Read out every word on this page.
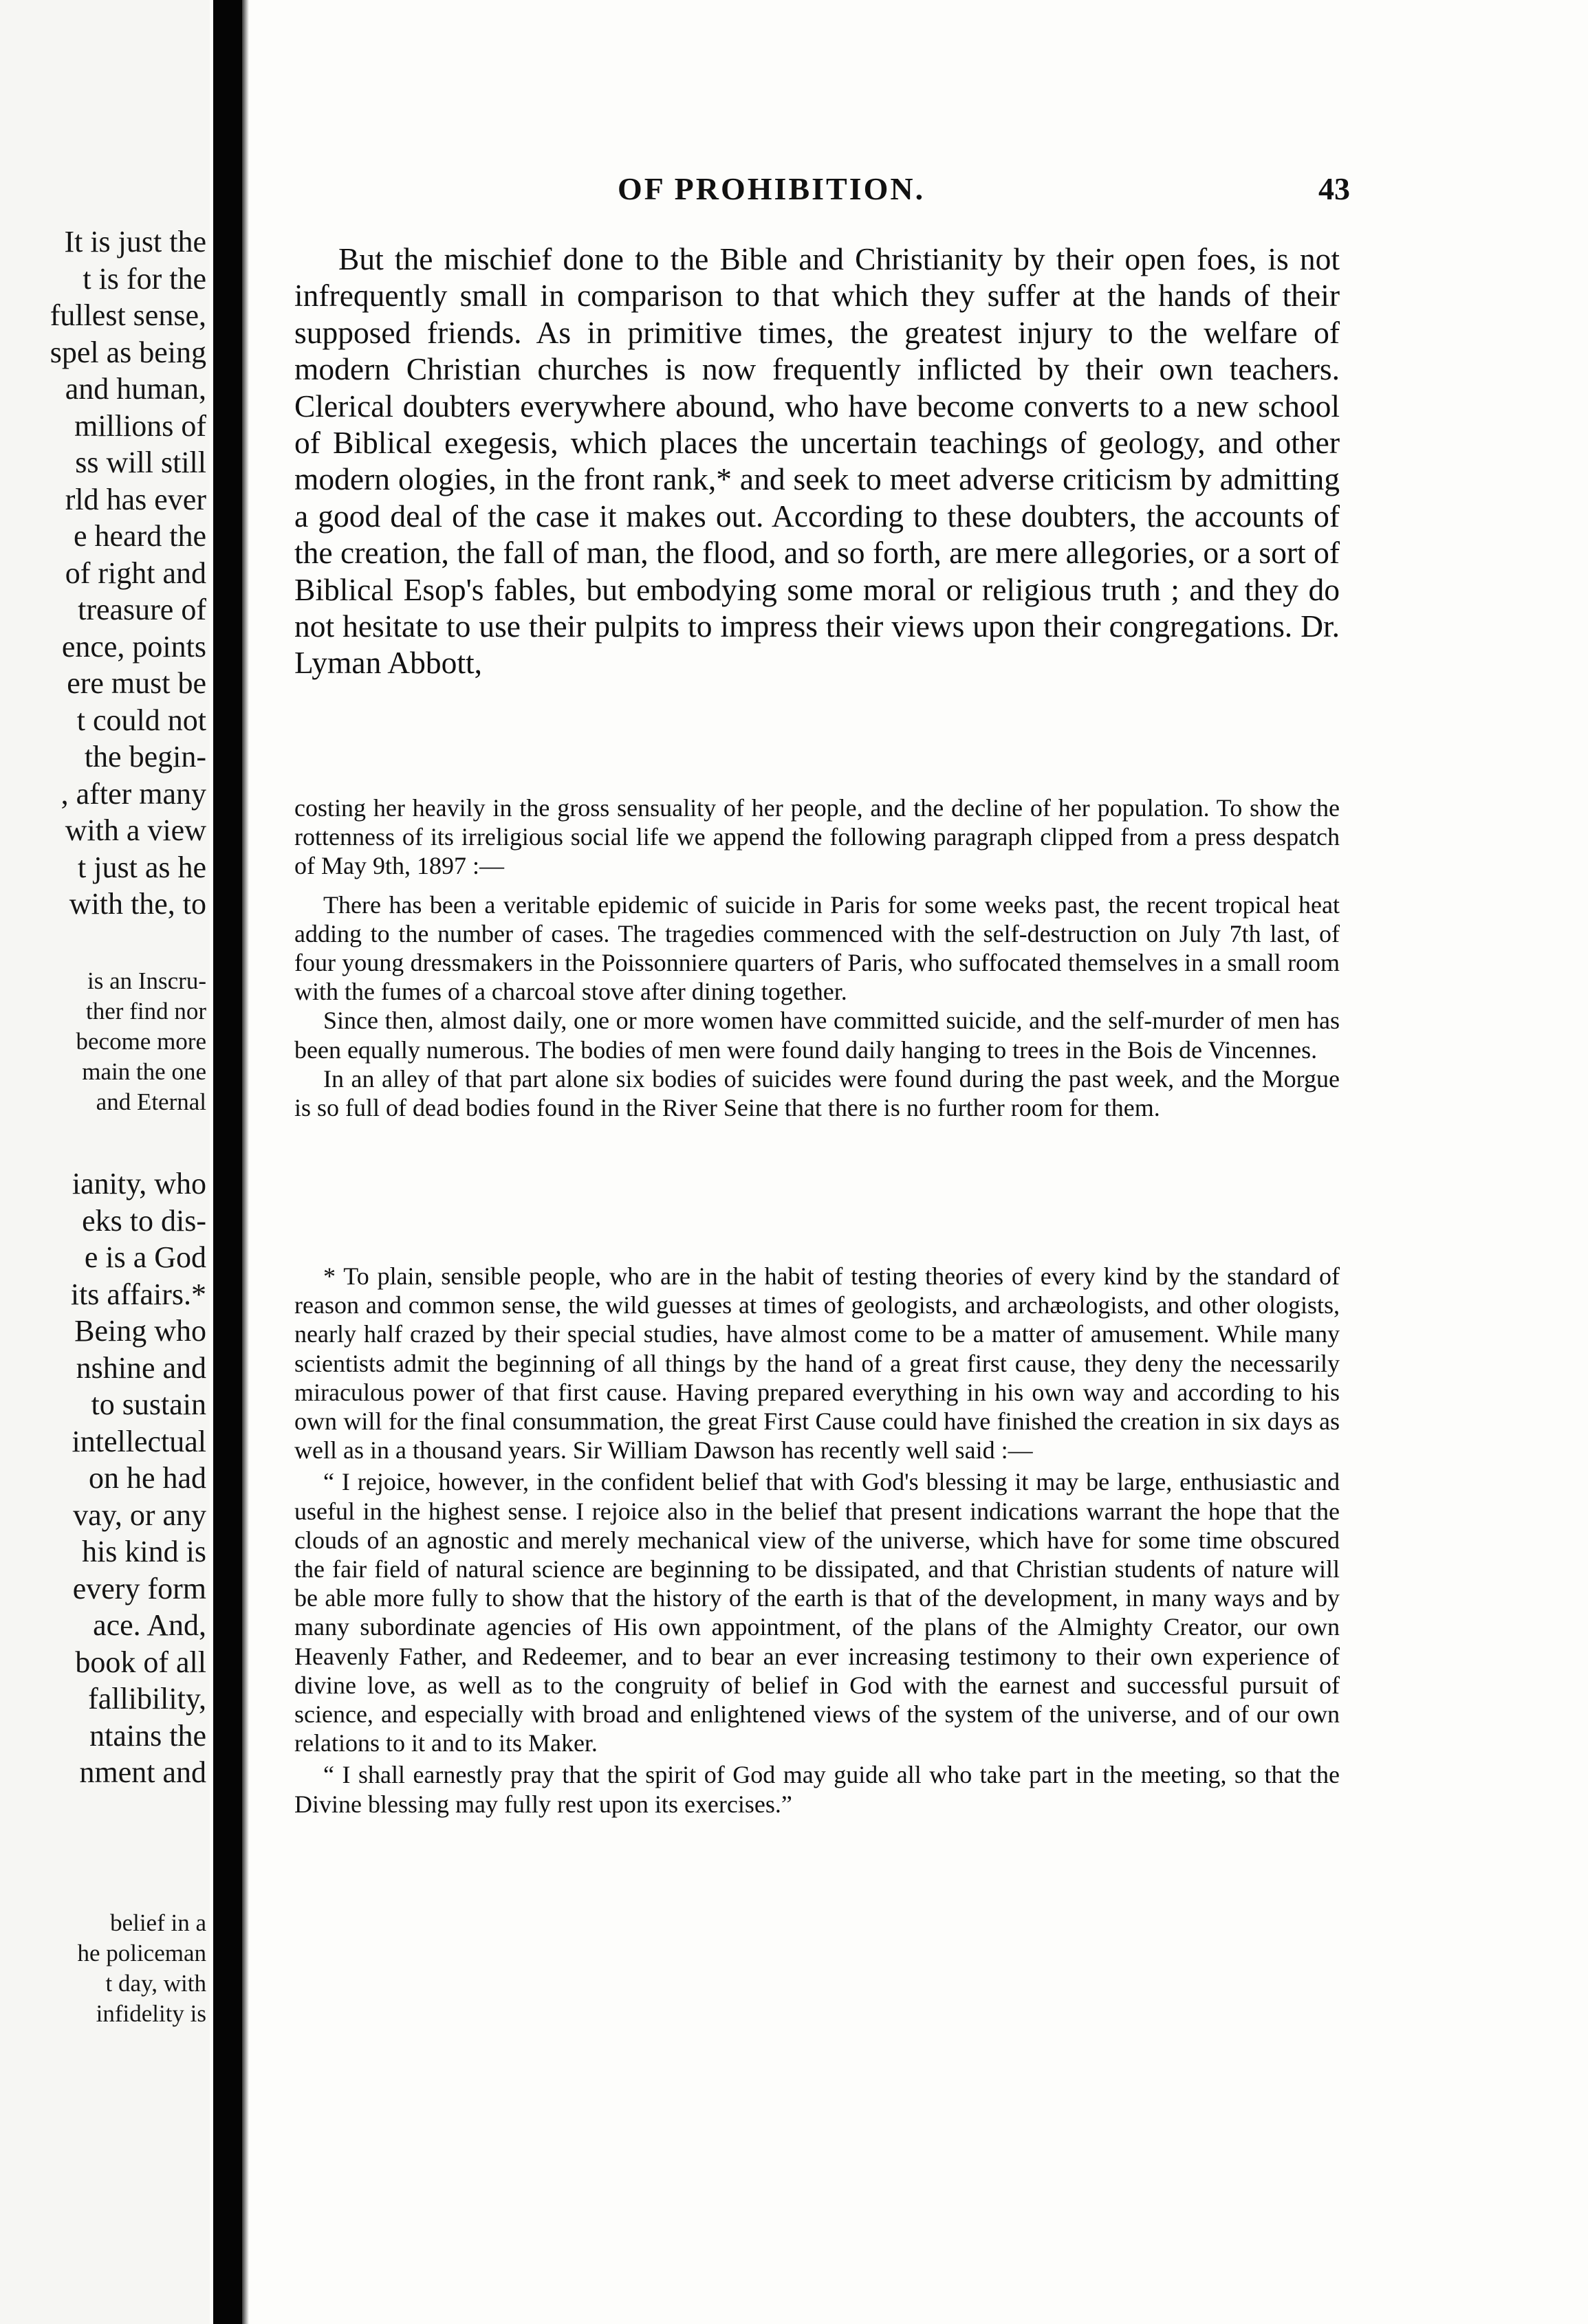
It is just the
t is for the
fullest sense,
spel as being
and human,
millions of
ss will still
rld has ever
e heard the
of right and
treasure of
ence, points
ere must be
t could not
the begin-
, after many
with a view
t just as he
with the, to
is an Inscru-
ther find nor
become more
main the one
and Eternal
ianity, who
eks to dis-
e is a God
its affairs.*
Being who
nshine and
to sustain
intellectual
on he had
vay, or any
his kind is
every form
ace. And,
book of all
fallibility,
ntains the
nment and
belief in a
he policeman
t day, with
infidelity is
OF PROHIBITION.	43

But the mischief done to the Bible and Christianity by their open foes, is not infrequently small in comparison to that which they suffer at the hands of their supposed friends. As in primitive times, the greatest injury to the welfare of modern Christian churches is now frequently inflicted by their own teachers. Clerical doubters everywhere abound, who have become converts to a new school of Biblical exegesis, which places the uncertain teachings of geology, and other modern ologies, in the front rank,* and seek to meet adverse criticism by admitting a good deal of the case it makes out. According to these doubters, the accounts of the creation, the fall of man, the flood, and so forth, are mere allegories, or a sort of Biblical Esop's fables, but embodying some moral or religious truth ; and they do not hesitate to use their pulpits to impress their views upon their congregations. Dr. Lyman Abbott,

costing her heavily in the gross sensuality of her people, and the decline of her population. To show the rottenness of its irreligious social life we append the following paragraph clipped from a press despatch of May 9th, 1897 :—

There has been a veritable epidemic of suicide in Paris for some weeks past, the recent tropical heat adding to the number of cases. The tragedies commenced with the self-destruction on July 7th last, of four young dressmakers in the Poissonniere quarters of Paris, who suffocated themselves in a small room with the fumes of a charcoal stove after dining together.

Since then, almost daily, one or more women have committed suicide, and the self-murder of men has been equally numerous. The bodies of men were found daily hanging to trees in the Bois de Vincennes.

In an alley of that part alone six bodies of suicides were found during the past week, and the Morgue is so full of dead bodies found in the River Seine that there is no further room for them.

* To plain, sensible people, who are in the habit of testing theories of every kind by the standard of reason and common sense, the wild guesses at times of geologists, and archæologists, and other ologists, nearly half crazed by their special studies, have almost come to be a matter of amusement. While many scientists admit the beginning of all things by the hand of a great first cause, they deny the necessarily miraculous power of that first cause. Having prepared everything in his own way and according to his own will for the final consummation, the great First Cause could have finished the creation in six days as well as in a thousand years. Sir William Dawson has recently well said :—

“ I rejoice, however, in the confident belief that with God's blessing it may be large, enthusiastic and useful in the highest sense. I rejoice also in the belief that present indications warrant the hope that the clouds of an agnostic and merely mechanical view of the universe, which have for some time obscured the fair field of natural science are beginning to be dissipated, and that Christian students of nature will be able more fully to show that the history of the earth is that of the development, in many ways and by many subordinate agencies of His own appointment, of the plans of the Almighty Creator, our own Heavenly Father, and Redeemer, and to bear an ever increasing testimony to their own experience of divine love, as well as to the congruity of belief in God with the earnest and successful pursuit of science, and especially with broad and enlightened views of the system of the universe, and of our own relations to it and to its Maker.

“ I shall earnestly pray that the spirit of God may guide all who take part in the meeting, so that the Divine blessing may fully rest upon its exercises.”
